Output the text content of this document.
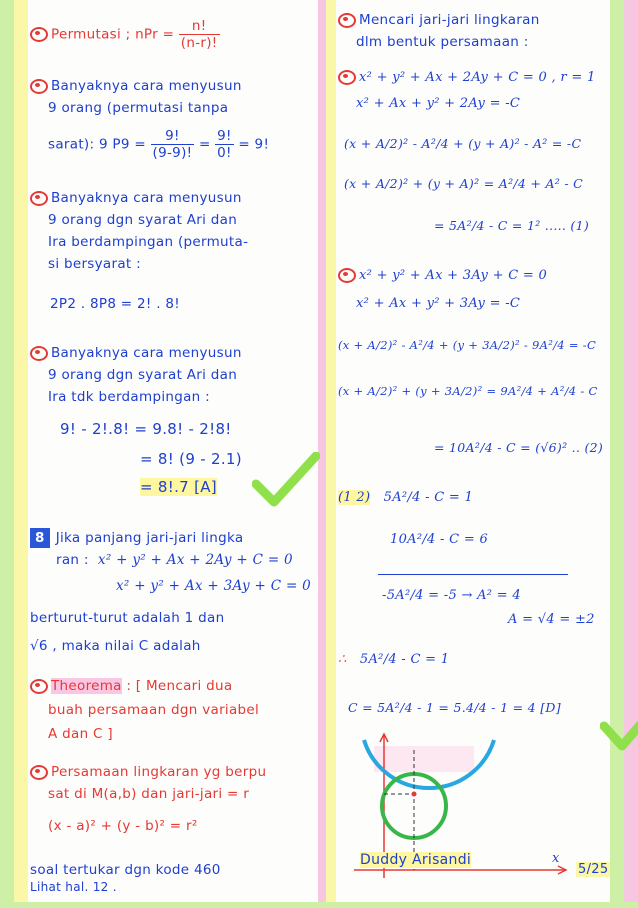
Permutasi ; nPr = $\frac{n!}{(n-r)!}$
Banyaknya cara menyusun
9 orang (permutasi tanpa
sarat): 9 $P9 = \frac{9!}{(9-9)!} = \frac{9!}{0!} = 9$!
Banyaknya cara menyusun
9 orang dgn syarat Ari dan
Ira berdampingan (permuta-
si bersyarat :
2P2 . 8P8 = 2! . 8!
Banyaknya cara menyusun
9 orang dgn syarat Ari dan
Ira tdk berdampingan :
9! - 2!.8! = 9.8! - 2!8!
= 8! (9 - 2.1)
= 8!.7 [A]
8 Jika panjang jari-jari lingka
ran : x² + y² + Ax + 2Ay + C = 0
x² + y² + Ax + 3Ay + C = 0
berturut-turut adalah 1 dan
√6 , maka nilai C adalah
Theorema : [ Mencari dua
buah persamaan dgn variabel
A dan C ]
Persamaan lingkaran yg berpu
sat di M(a,b) dan jari-jari = r
(x - a)² + (y - b)² = r²
soal tertukar dgn kode 460
Lihat hal. 12 .
Mencari jari-jari lingkaran
dlm bentuk persamaan :
x² + y² + Ax + 2Ay + C = 0 , r = 1
x² + Ax + y² + 2Ay = -C
(x + A/2)² - A²/4 + (y + A)² - A² = -C
(x + A/2)² + (y + A)² = A²/4 + A² - C
= 5A²/4 - C = 1² ..... (1)
x² + y² + Ax + 3Ay + C = 0
x² + Ax + y² + 3Ay = -C
(x + A/2)² - A²/4 + (y + 3A/2)² - 9A²/4 = -C
(x + A/2)² + (y + 3A/2)² = 9A²/4 + A²/4 - C
= 10A²/4 - C = (√6)² .. (2)
(1 2) 5A²/4 - C = 1
10A²/4 - C = 6
-5A²/4 = -5 → A² = 4
A = √4 = ±2
∴ 5A²/4 - C = 1
C = 5A²/4 - 1 = 5.4/4 - 1 = 4 [D]
x
Duddy Arisandi
5/25
